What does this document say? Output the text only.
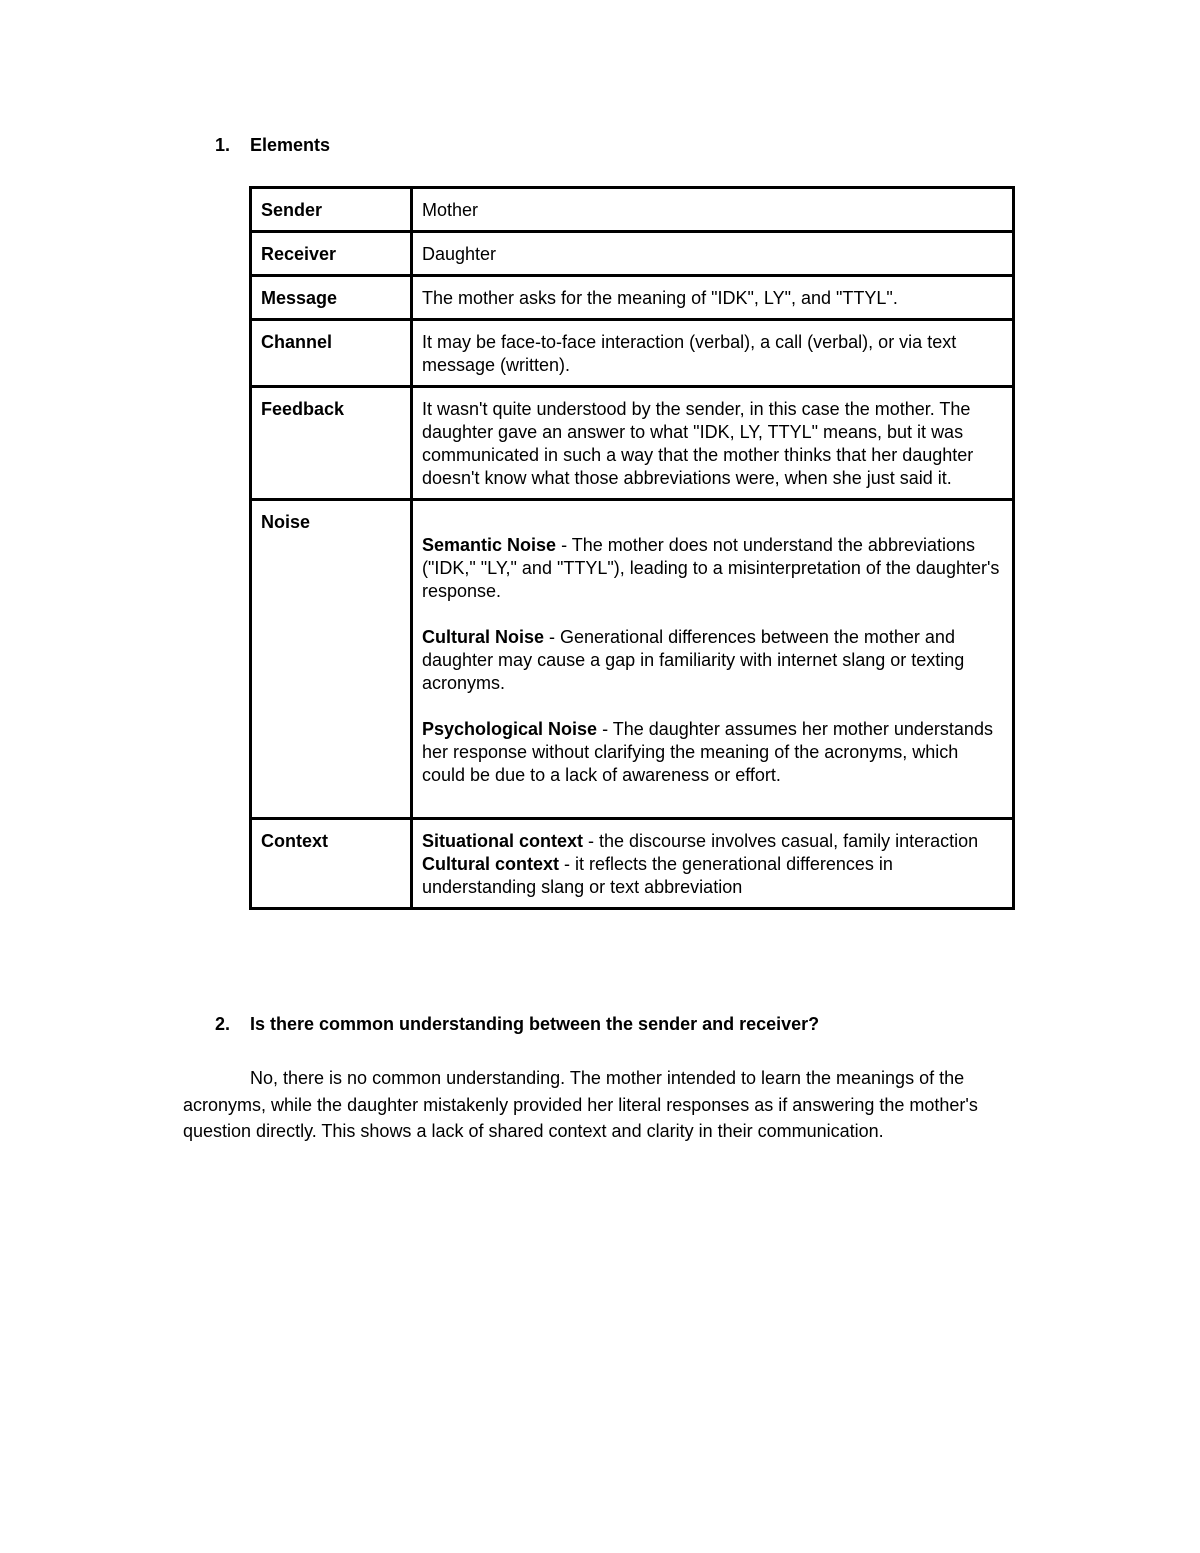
1. Elements
Sender	Mother

Receiver	Daughter

Message	The mother asks for the meaning of "IDK", LY", and "TTYL".

Channel	It may be face-to-face interaction (verbal), a call (verbal), or via text message (written).

Feedback	It wasn't quite understood by the sender, in this case the mother. The daughter gave an answer to what "IDK, LY, TTYL" means, but it was communicated in such a way that the mother thinks that her daughter doesn't know what those abbreviations were, when she just said it.

Noise	Semantic Noise - The mother does not understand the abbreviations ("IDK," "LY," and "TTYL"), leading to a misinterpretation of the daughter's response.

Cultural Noise - Generational differences between the mother and daughter may cause a gap in familiarity with internet slang or texting acronyms.

Psychological Noise - The daughter assumes her mother understands her response without clarifying the meaning of the acronyms, which could be due to a lack of awareness or effort.

Context	Situational context - the discourse involves casual, family interaction

Cultural context - it reflects the generational differences in understanding slang or text abbreviation

2. Is there common understanding between the sender and receiver?

No, there is no common understanding. The mother intended to learn the meanings of the acronyms, while the daughter mistakenly provided her literal responses as if answering the mother's question directly. This shows a lack of shared context and clarity in their communication.
